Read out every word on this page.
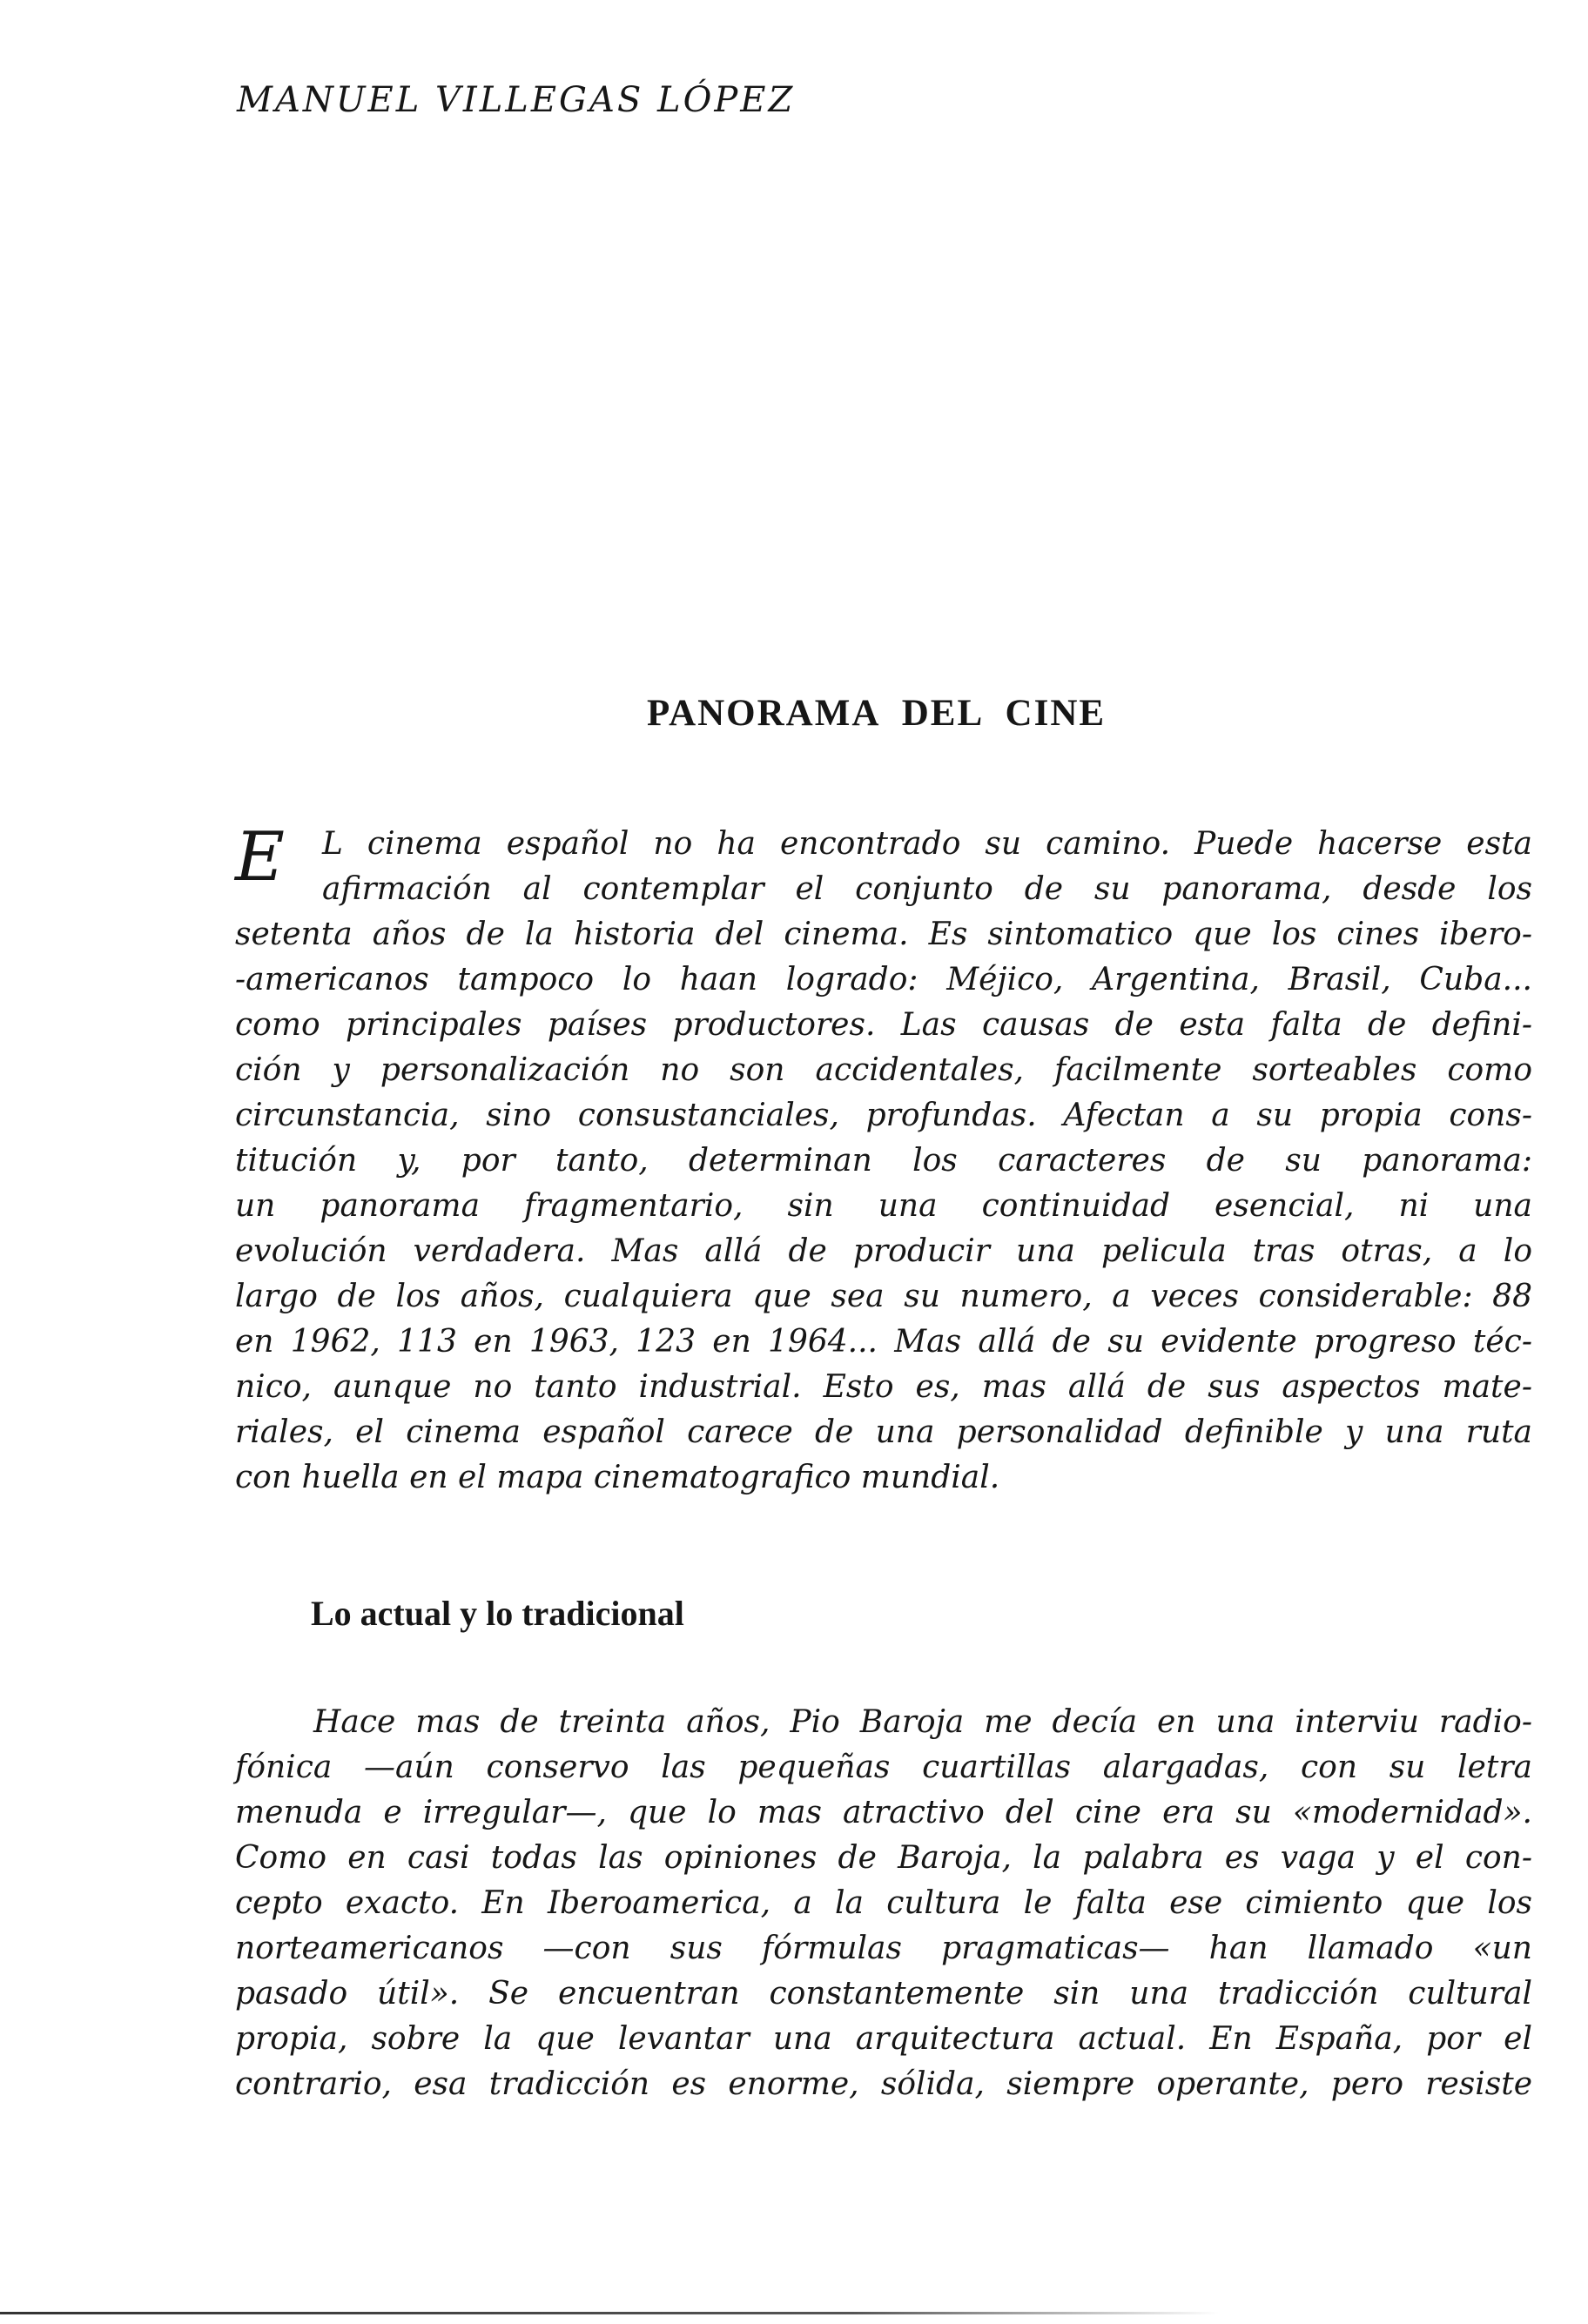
MANUEL VILLEGAS LÓPEZ
PANORAMA DEL CINE
E	L cinema español no ha encontrado su camino. Puede hacerse esta
afirmación al contemplar el conjunto de su panorama, desde los
setenta años de la historia del cinema. Es sintomatico que los cines ibero-
-americanos tampoco lo haan logrado: Méjico, Argentina, Brasil, Cuba...
como principales países productores. Las causas de esta falta de defini-
ción y personalización no son accidentales, facilmente sorteables como
circunstancia, sino consustanciales, profundas. Afectan a su propia cons-
titución y, por tanto, determinan los caracteres de su panorama:
un panorama fragmentario, sin una continuidad esencial, ni una
evolución verdadera. Mas allá de producir una pelicula tras otras, a lo
largo de los años, cualquiera que sea su numero, a veces considerable: 88
en 1962, 113 en 1963, 123 en 1964... Mas allá de su evidente progreso téc-
nico, aunque no tanto industrial. Esto es, mas allá de sus aspectos mate-
riales, el cinema español carece de una personalidad definible y una ruta
con huella en el mapa cinematografico mundial.

Lo actual y lo tradicional

Hace mas de treinta años, Pio Baroja me decía en una interviu radio-
fónica —aún conservo las pequeñas cuartillas alargadas, con su letra
menuda e irregular—, que lo mas atractivo del cine era su «modernidad».
Como en casi todas las opiniones de Baroja, la palabra es vaga y el con-
cepto exacto. En Iberoamerica, a la cultura le falta ese cimiento que los
norteamericanos —con sus fórmulas pragmaticas— han llamado «un
pasado útil». Se encuentran constantemente sin una tradicción cultural
propia, sobre la que levantar una arquitectura actual. En España, por el
contrario, esa tradicción es enorme, sólida, siempre operante, pero resiste
